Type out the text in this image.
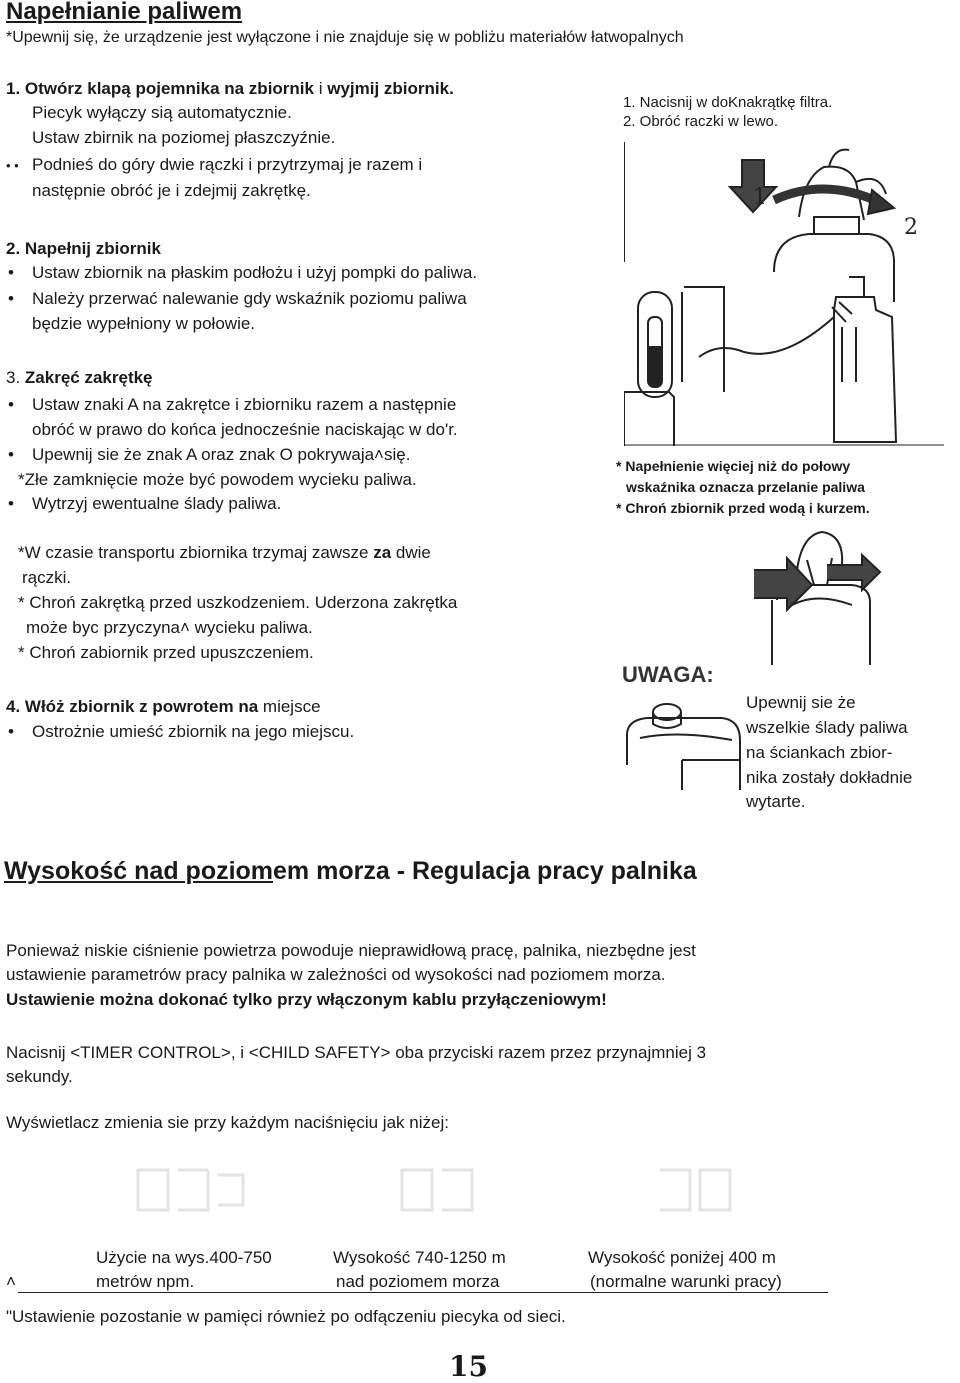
Napełnianie paliwem
*Upewnij się, że urządzenie jest wyłączone i nie znajduje się w pobliżu materiałów łatwopalnych
1. Otwórz klapą pojemnika na zbiornik i wyjmij zbiornik.
Piecyk wyłączy sią automatycznie.
Ustaw zbirnik na poziomej płaszczyźnie.
• • Podnieś do góry dwie rączki i przytrzymaj je razem i
następnie obróć je i zdejmij zakrętkę.
1. Nacisnij w doKnakrątkę filtra.
2. Obróć raczki w lewo.
1
2
2. Napełnij zbiornik
• Ustaw zbiornik na płaskim podłożu i użyj pompki do paliwa.
• Należy przerwać nalewanie gdy wskaźnik poziomu paliwa
będzie wypełniony w połowie.
3. Zakręć zakrętkę
• Ustaw znaki A na zakrętce i zbiorniku razem a następnie
obróć w prawo do końca jednocześnie naciskając w do'r.
• Upewnij sie że znak A oraz znak O pokrywaja˄się.
*Złe zamknięcie może być powodem wycieku paliwa.
• Wytrzyj ewentualne ślady paliwa.
* Napełnienie więciej niż do połowy
wskaźnika oznacza przelanie paliwa
* Chroń zbiornik przed wodą i kurzem.
*W czasie transportu zbiornika trzymaj zawsze za dwie
rączki.
* Chroń zakrętką przed uszkodzeniem. Uderzona zakrętka
może byc przyczyna˄ wycieku paliwa.
* Chroń zabiornik przed upuszczeniem.
UWAGA:
Upewnij sie że
wszelkie ślady paliwa
na ściankach zbior-
nika zostały dokładnie
wytarte.
4. Włóż zbiornik z powrotem na miejsce
• Ostrożnie umieść zbiornik na jego miejscu.
Wysokość nad poziomem morza - Regulacja pracy palnika
Ponieważ niskie ciśnienie powietrza powoduje nieprawidłową pracę, palnika, niezbędne jest
ustawienie parametrów pracy palnika w zależności od wysokości nad poziomem morza.
Ustawienie można dokonać tylko przy włączonym kablu przyłączeniowym!
Nacisnij <TIMER CONTROL>, i <CHILD SAFETY> oba przyciski razem przez przynajmniej 3
sekundy.
Wyświetlacz zmienia sie przy każdym naciśnięciu jak niżej:
Użycie na wys.400-750
metrów npm.
Wysokość 740-1250 m
nad poziomem morza
Wysokość poniżej 400 m
(normalne warunki pracy)
˄
"Ustawienie pozostanie w pamięci również po odfączeniu piecyka od sieci.
15
